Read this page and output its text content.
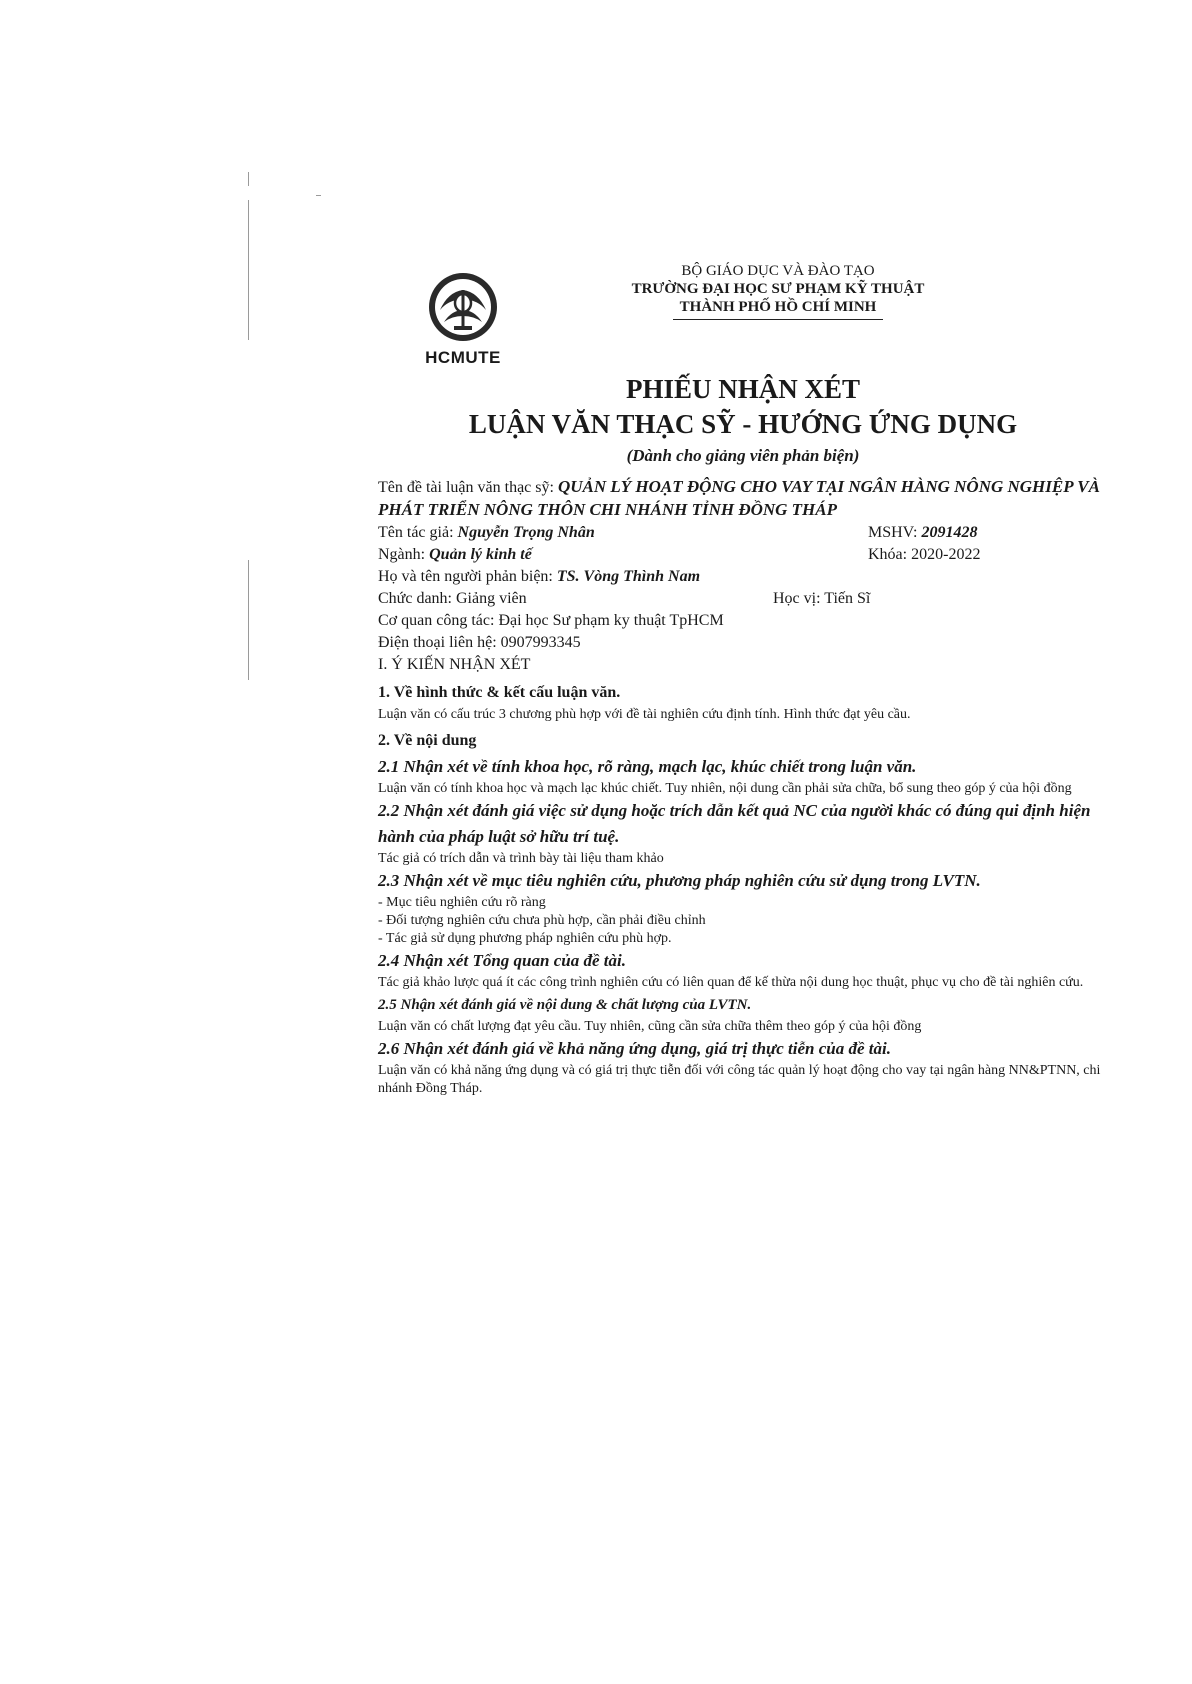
HCMUTE
BỘ GIÁO DỤC VÀ ĐÀO TẠO
TRƯỜNG ĐẠI HỌC SƯ PHẠM KỸ THUẬT
THÀNH PHỐ HỒ CHÍ MINH
PHIẾU NHẬN XÉT
LUẬN VĂN THẠC SỸ - HƯỚNG ỨNG DỤNG
(Dành cho giảng viên phản biện)
Tên đề tài luận văn thạc sỹ: QUẢN LÝ HOẠT ĐỘNG CHO VAY TẠI NGÂN HÀNG NÔNG NGHIỆP VÀ PHÁT TRIỂN NÔNG THÔN CHI NHÁNH TỈNH ĐỒNG THÁP
Tên tác giả: Nguyễn Trọng Nhân	MSHV: 2091428
Ngành: Quản lý kinh tế	Khóa: 2020-2022
Họ và tên người phản biện: TS. Vòng Thình Nam
Chức danh: Giảng viên	Học vị: Tiến Sĩ
Cơ quan công tác: Đại học Sư phạm ky thuật TpHCM
Điện thoại liên hệ: 0907993345
I. Ý KIẾN NHẬN XÉT
1. Về hình thức & kết cấu luận văn.
Luận văn có cấu trúc 3 chương phù hợp với đề tài nghiên cứu định tính. Hình thức đạt yêu cầu.
2. Về nội dung
2.1 Nhận xét về tính khoa học, rõ ràng, mạch lạc, khúc chiết trong luận văn.
Luận văn có tính khoa học và mạch lạc khúc chiết. Tuy nhiên, nội dung cần phải sửa chữa, bổ sung theo góp ý của hội đồng
2.2 Nhận xét đánh giá việc sử dụng hoặc trích dẫn kết quả NC của người khác có đúng qui định hiện hành của pháp luật sở hữu trí tuệ.
Tác giả có trích dẫn và trình bày tài liệu tham khảo
2.3 Nhận xét về mục tiêu nghiên cứu, phương pháp nghiên cứu sử dụng trong LVTN.
- Mục tiêu nghiên cứu rõ ràng
- Đối tượng nghiên cứu chưa phù hợp, cần phải điều chỉnh
- Tác giả sử dụng phương pháp nghiên cứu phù hợp.
2.4 Nhận xét Tổng quan của đề tài.
Tác giả khảo lược quá ít các công trình nghiên cứu có liên quan để kế thừa nội dung học thuật, phục vụ cho đề tài nghiên cứu.
2.5 Nhận xét đánh giá về nội dung & chất lượng của LVTN.
Luận văn có chất lượng đạt yêu cầu. Tuy nhiên, cũng cần sửa chữa thêm theo góp ý của hội đồng
2.6 Nhận xét đánh giá về khả năng ứng dụng, giá trị thực tiễn của đề tài.
Luận văn có khả năng ứng dụng và có giá trị thực tiễn đối với công tác quản lý hoạt động cho vay tại ngân hàng NN&PTNN, chi nhánh Đồng Tháp.
